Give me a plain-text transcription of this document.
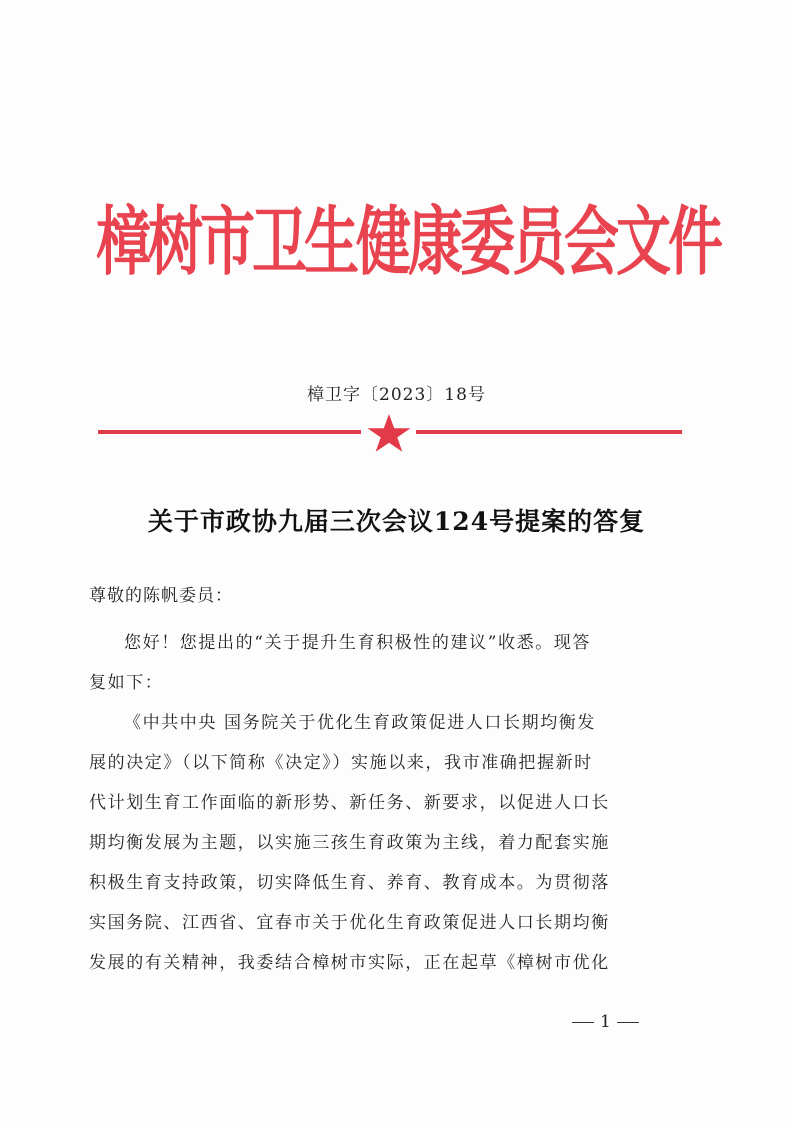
樟树市卫生健康委员会文件
樟卫字〔2023〕18号
关于市政协九届三次会议124号提案的答复
尊敬的陈帆委员：
您好！您提出的“关于提升生育积极性的建议”收悉。现答
复如下：
《中共中央 国务院关于优化生育政策促进人口长期均衡发
展的决定》（以下简称《决定》）实施以来，我市准确把握新时
代计划生育工作面临的新形势、新任务、新要求，以促进人口长
期均衡发展为主题，以实施三孩生育政策为主线，着力配套实施
积极生育支持政策，切实降低生育、养育、教育成本。为贯彻落
实国务院、江西省、宜春市关于优化生育政策促进人口长期均衡
发展的有关精神，我委结合樟树市实际，正在起草《樟树市优化
1
